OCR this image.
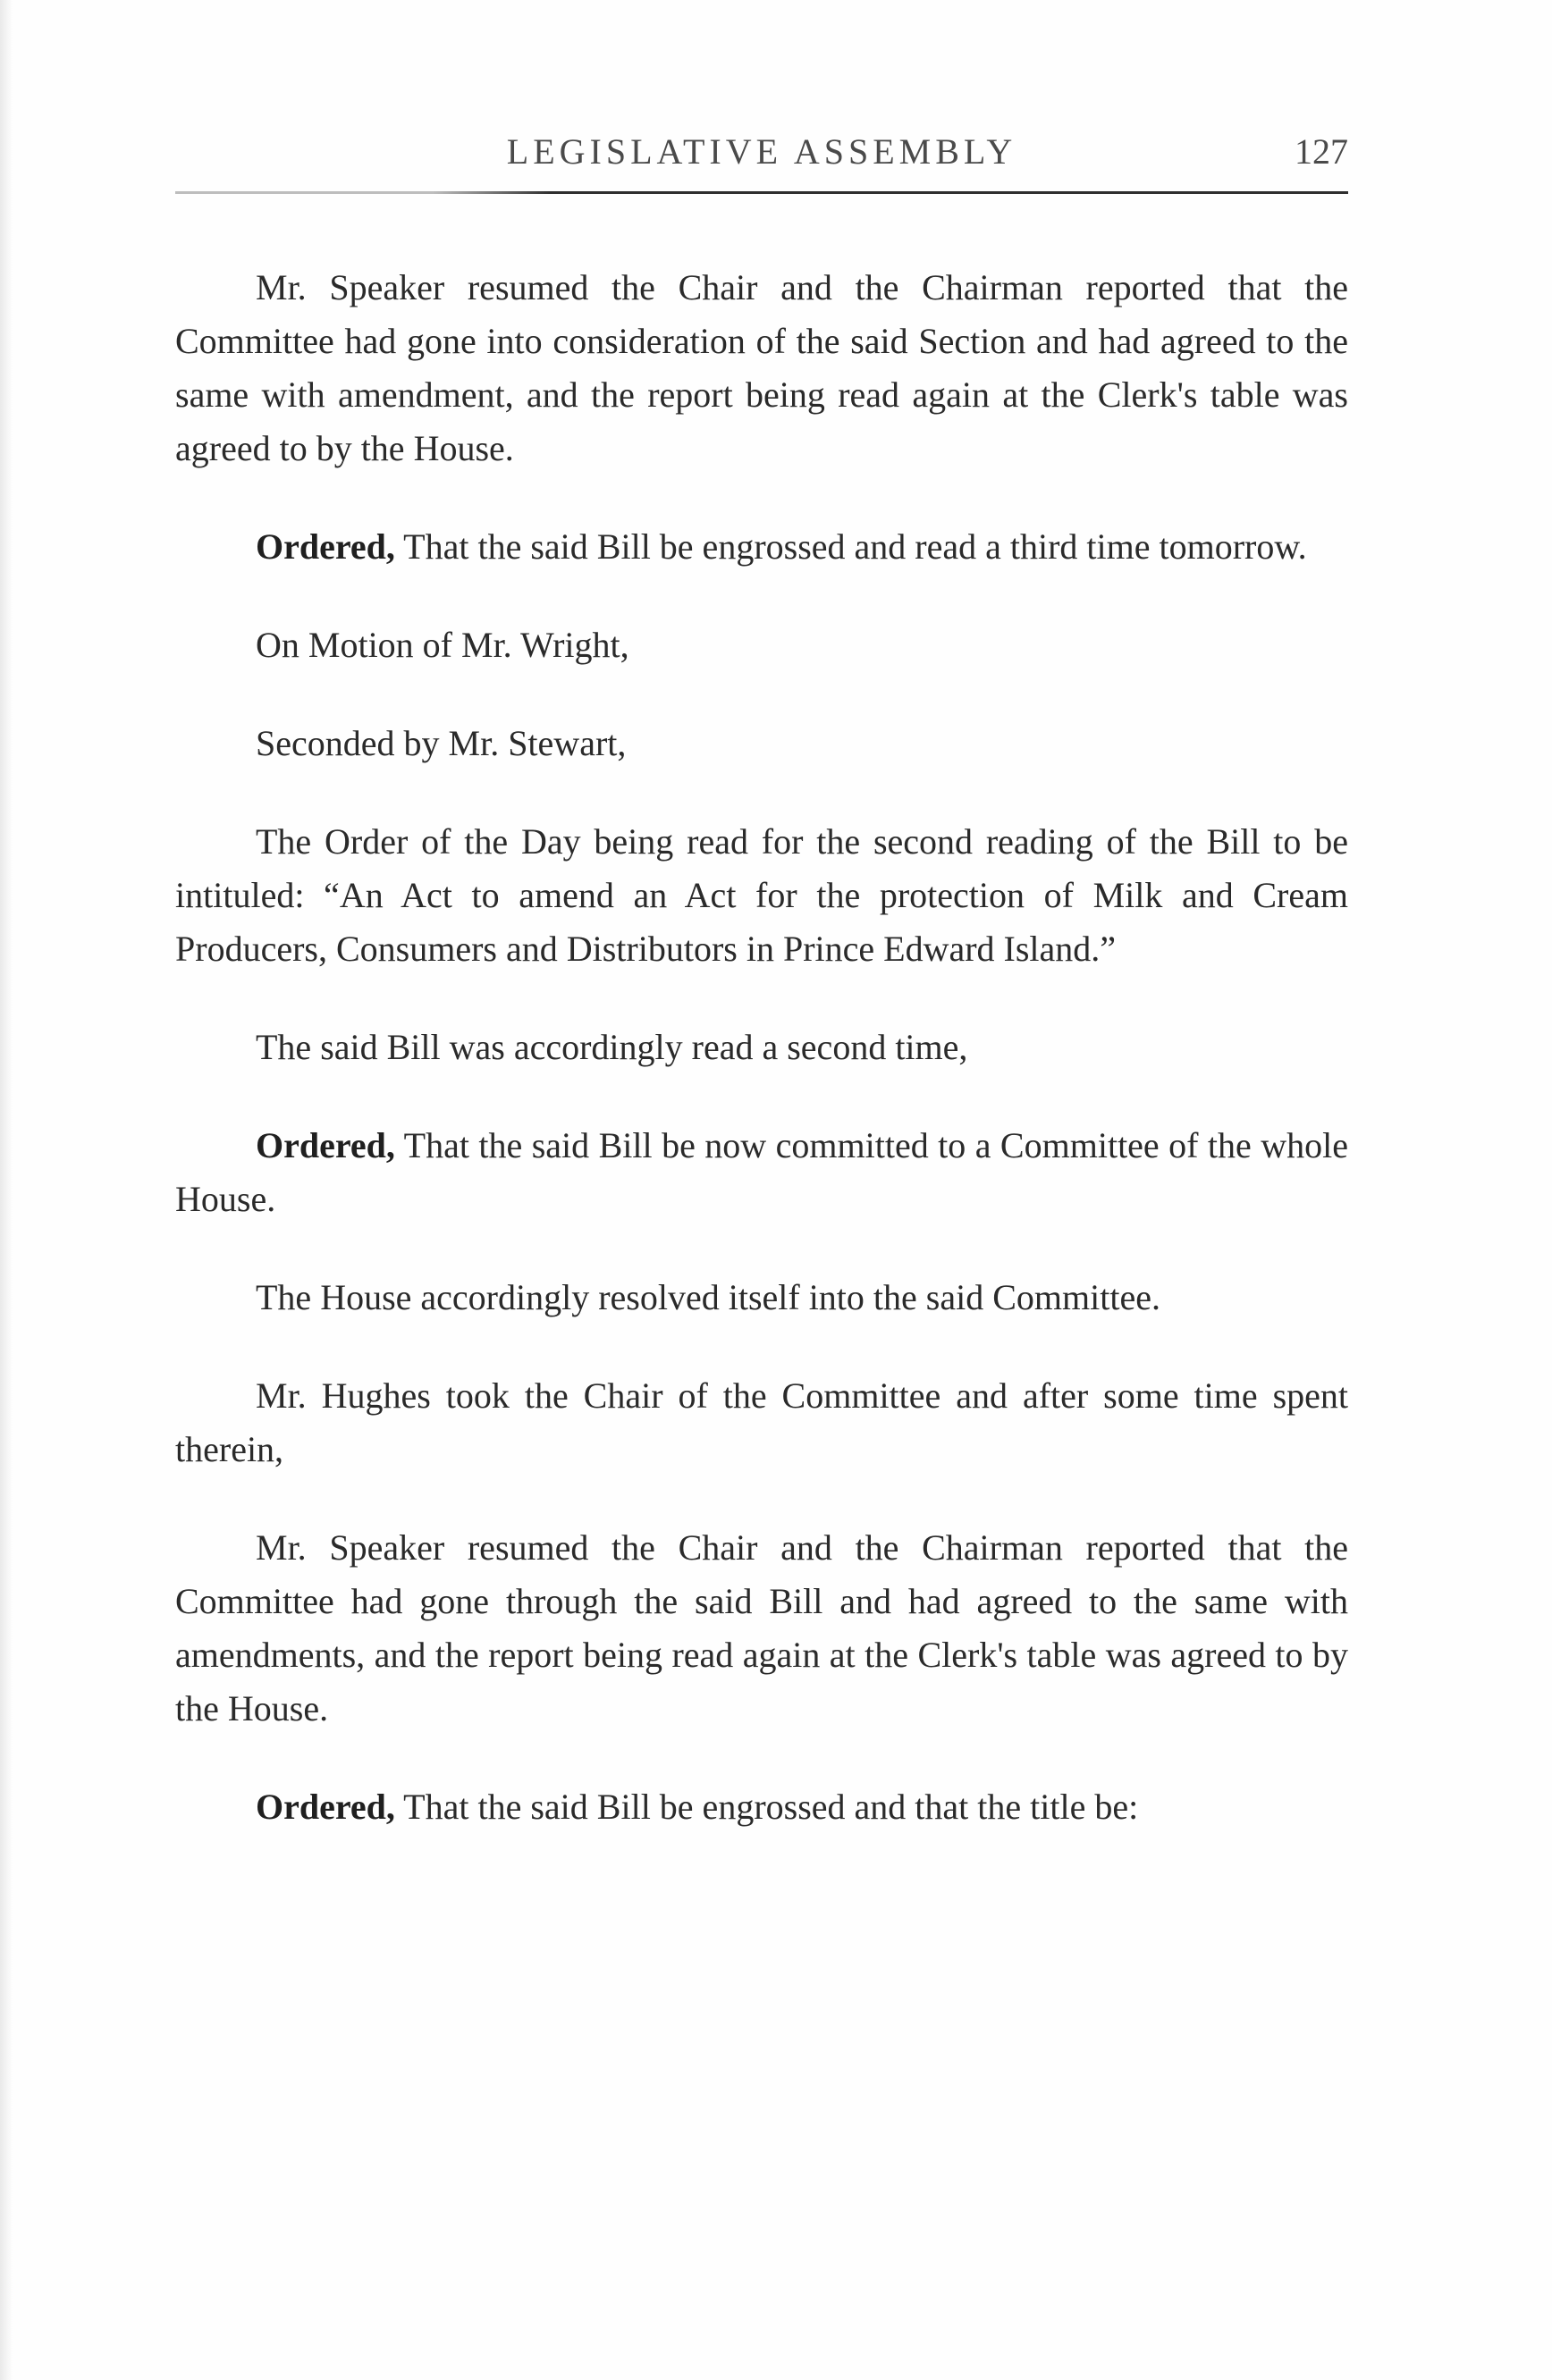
LEGISLATIVE ASSEMBLY	127

Mr. Speaker resumed the Chair and the Chairman reported that the Committee had gone into consideration of the said Section and had agreed to the same with amendment, and the report being read again at the Clerk's table was agreed to by the House.

Ordered, That the said Bill be engrossed and read a third time tomorrow.

On Motion of Mr. Wright,

Seconded by Mr. Stewart,

The Order of the Day being read for the second reading of the Bill to be intituled: “An Act to amend an Act for the protection of Milk and Cream Producers, Consumers and Distributors in Prince Edward Island.”

The said Bill was accordingly read a second time,

Ordered, That the said Bill be now committed to a Committee of the whole House.

The House accordingly resolved itself into the said Committee.

Mr. Hughes took the Chair of the Committee and after some time spent therein,

Mr. Speaker resumed the Chair and the Chairman reported that the Committee had gone through the said Bill and had agreed to the same with amendments, and the report being read again at the Clerk's table was agreed to by the House.

Ordered, That the said Bill be engrossed and that the title be:
